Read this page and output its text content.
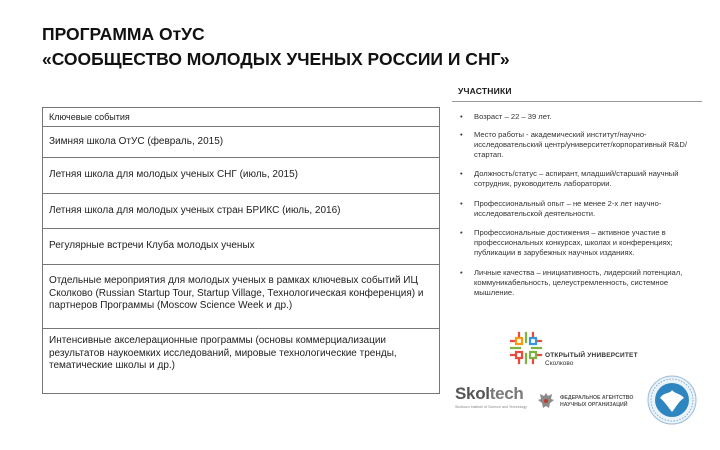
ПРОГРАММА ОтУС
«СООБЩЕСТВО МОЛОДЫХ УЧЕНЫХ РОССИИ И СНГ»
Ключевые события
Зимняя школа ОтУС (февраль, 2015)
Летняя школа для молодых ученых СНГ (июль, 2015)
Летняя школа для молодых ученых стран БРИКС (июль, 2016)
Регулярные встречи Клуба молодых ученых
Отдельные мероприятия для молодых ученых в рамках ключевых событий ИЦ Сколково (Russian Startup Tour, Startup Village, Технологическая конференция) и партнеров Программы (Moscow Science Week и др.)
Интенсивные акселерационные программы (основы коммерциализации результатов наукоемких исследований, мировые технологические тренды, тематические школы и др.)
УЧАСТНИКИ
• Возраст – 22 – 39 лет.
• Место работы - академический институт/научно-исследовательский центр/университет/корпоративный R&D/стартап.
• Должность/статус – аспирант, младший/старший научный сотрудник, руководитель лаборатории.
• Профессиональный опыт – не менее 2-х лет научно-исследовательской деятельности.
• Профессиональные достижения – активное участие в профессиональных конкурсах, школах и конференциях; публикации в зарубежных научных изданиях.
• Личные качества – инициативность, лидерский потенциал, коммуникабельность, целеустремленность, системное мышление.
ОТКРЫТЫЙ УНИВЕРСИТЕТ
Сколково
Skoltech
Skolkovo Institute of Science and Technology
ФЕДЕРАЛЬНОЕ АГЕНТСТВО
НАУЧНЫХ ОРГАНИЗАЦИЙ
